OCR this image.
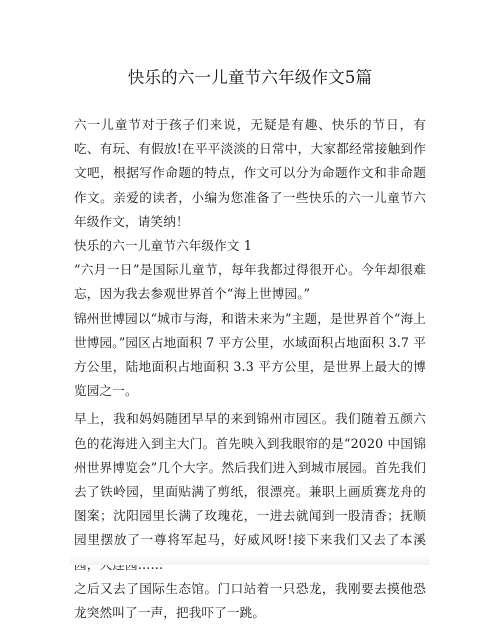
快乐的六一儿童节六年级作文5篇

六一儿童节对于孩子们来说，无疑是有趣、快乐的节日，有吃、有玩、有假放!在平平淡淡的日常中，大家都经常接触到作文吧，根据写作命题的特点，作文可以分为命题作文和非命题作文。亲爱的读者，小编为您准备了一些快乐的六一儿童节六年级作文，请笑纳！

快乐的六一儿童节六年级作文 1

“六月一日”是国际儿童节，每年我都过得很开心。今年却很难忘，因为我去参观世界首个“海上世博园。”

锦州世博园以“城市与海，和谐未来为”主题，是世界首个“海上世博园。”园区占地面积 7 平方公里，水域面积占地面积 3.7 平方公里，陆地面积占地面积 3.3 平方公里，是世界上最大的博览园之一。

早上，我和妈妈随团早早的来到锦州市园区。我们随着五颜六色的花海进入到主大门。首先映入到我眼帘的是“2020 中国锦州世界博览会”几个大字。然后我们进入到城市展园。首先我们去了铁岭园，里面贴满了剪纸，很漂亮。兼职上画质赛龙舟的图案；沈阳园里长满了玫瑰花，一进去就闻到一股清香；抚顺园里摆放了一尊将军起马，好威风呀!接下来我们又去了本溪

之后又去了国际生态馆。门口站着一只恐龙，我刚要去摸他恐龙突然叫了一声，把我吓了一跳。
